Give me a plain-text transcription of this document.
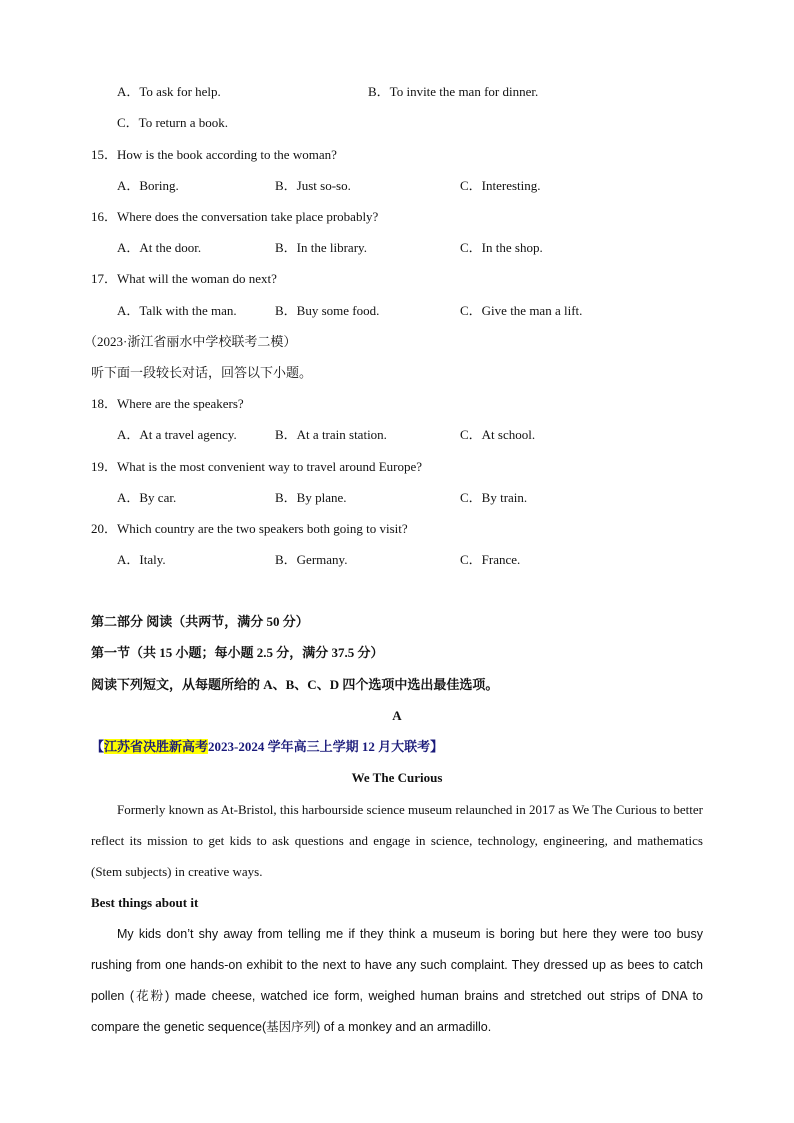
A．To ask for help.	B．To invite the man for dinner.
C．To return a book.
15．How is the book according to the woman?
A．Boring.	B．Just so-so.	C．Interesting.
16．Where does the conversation take place probably?
A．At the door.	B．In the library.	C．In the shop.
17．What will the woman do next?
A．Talk with the man.	B．Buy some food.	C．Give the man a lift.
（2023·浙江省丽水中学校联考二模）
听下面一段较长对话，回答以下小题。
18．Where are the speakers?
A．At a travel agency.	B．At a train station.	C．At school.
19．What is the most convenient way to travel around Europe?
A．By car.	B．By plane.	C．By train.
20．Which country are the two speakers both going to visit?
A．Italy.	B．Germany.	C．France.
第二部分 阅读（共两节，满分 50 分）
第一节（共 15 小题；每小题 2.5 分，满分 37.5 分）
阅读下列短文，从每题所给的 A、B、C、D 四个选项中选出最佳选项。
A
【江苏省决胜新高考2023-2024 学年高三上学期 12 月大联考】
We The Curious
Formerly known as At-Bristol, this harbourside science museum relaunched in 2017 as We The Curious to better reflect its mission to get kids to ask questions and engage in science, technology, engineering, and mathematics (Stem subjects) in creative ways.
Best things about it
My kids don’t shy away from telling me if they think a museum is boring but here they were too busy rushing from one hands-on exhibit to the next to have any such complaint. They dressed up as bees to catch pollen (花粉) made cheese, watched ice form, weighed human brains and stretched out strips of DNA to compare the genetic sequence(基因序列) of a monkey and an armadillo.
